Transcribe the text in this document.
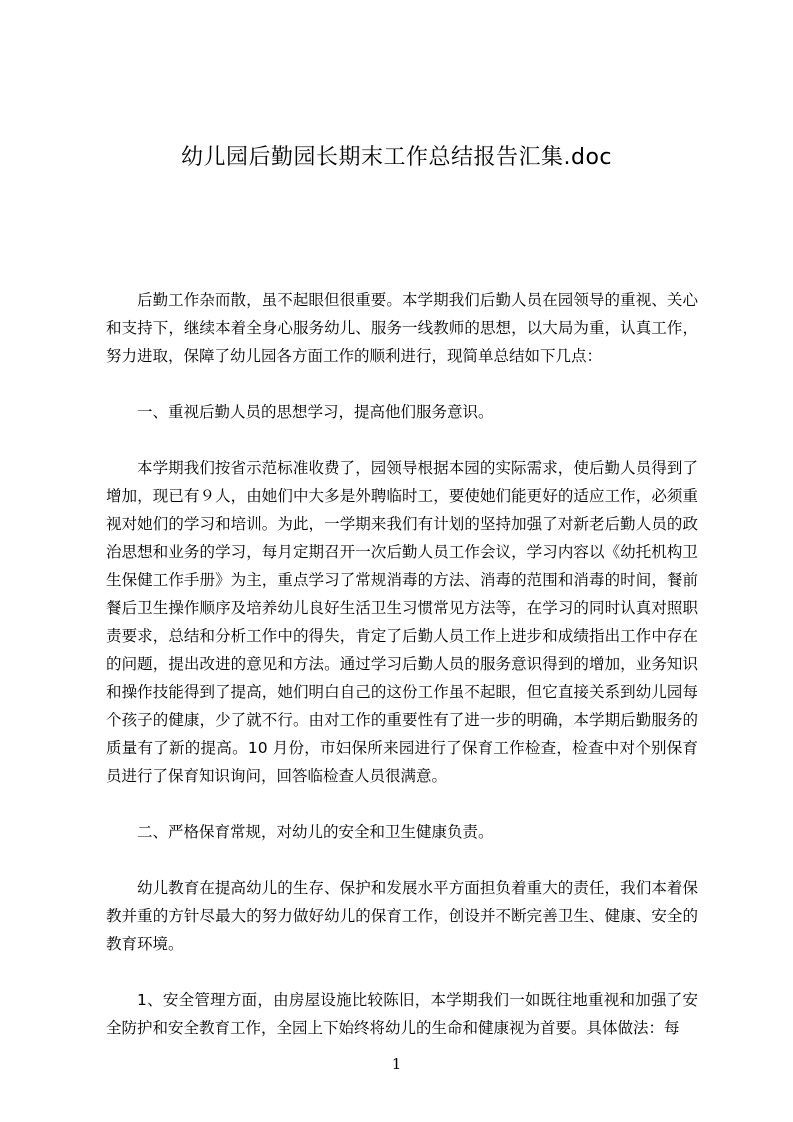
幼儿园后勤园长期末工作总结报告汇集.doc

后勤工作杂而散，虽不起眼但很重要。本学期我们后勤人员在园领导的重视、关心和支持下，继续本着全身心服务幼儿、服务一线教师的思想，以大局为重，认真工作，努力进取，保障了幼儿园各方面工作的顺利进行，现简单总结如下几点：

一、重视后勤人员的思想学习，提高他们服务意识。

本学期我们按省示范标准收费了，园领导根据本园的实际需求，使后勤人员得到了增加，现已有９人，由她们中大多是外聘临时工，要使她们能更好的适应工作，必须重视对她们的学习和培训。为此，一学期来我们有计划的坚持加强了对新老后勤人员的政治思想和业务的学习，每月定期召开一次后勤人员工作会议，学习内容以《幼托机构卫生保健工作手册》为主，重点学习了常规消毒的方法、消毒的范围和消毒的时间，餐前餐后卫生操作顺序及培养幼儿良好生活卫生习惯常见方法等，在学习的同时认真对照职责要求，总结和分析工作中的得失，肯定了后勤人员工作上进步和成绩指出工作中存在的问题，提出改进的意见和方法。通过学习后勤人员的服务意识得到的增加，业务知识和操作技能得到了提高，她们明白自己的这份工作虽不起眼，但它直接关系到幼儿园每个孩子的健康，少了就不行。由对工作的重要性有了进一步的明确，本学期后勤服务的质量有了新的提高。10 月份，市妇保所来园进行了保育工作检查，检查中对个别保育员进行了保育知识询问，回答临检查人员很满意。

二、严格保育常规，对幼儿的安全和卫生健康负责。

幼儿教育在提高幼儿的生存、保护和发展水平方面担负着重大的责任，我们本着保教并重的方针尽最大的努力做好幼儿的保育工作，创设并不断完善卫生、健康、安全的教育环境。

1、安全管理方面，由房屋设施比较陈旧，本学期我们一如既往地重视和加强了安全防护和安全教育工作，全园上下始终将幼儿的生命和健康视为首要。具体做法：每

1
